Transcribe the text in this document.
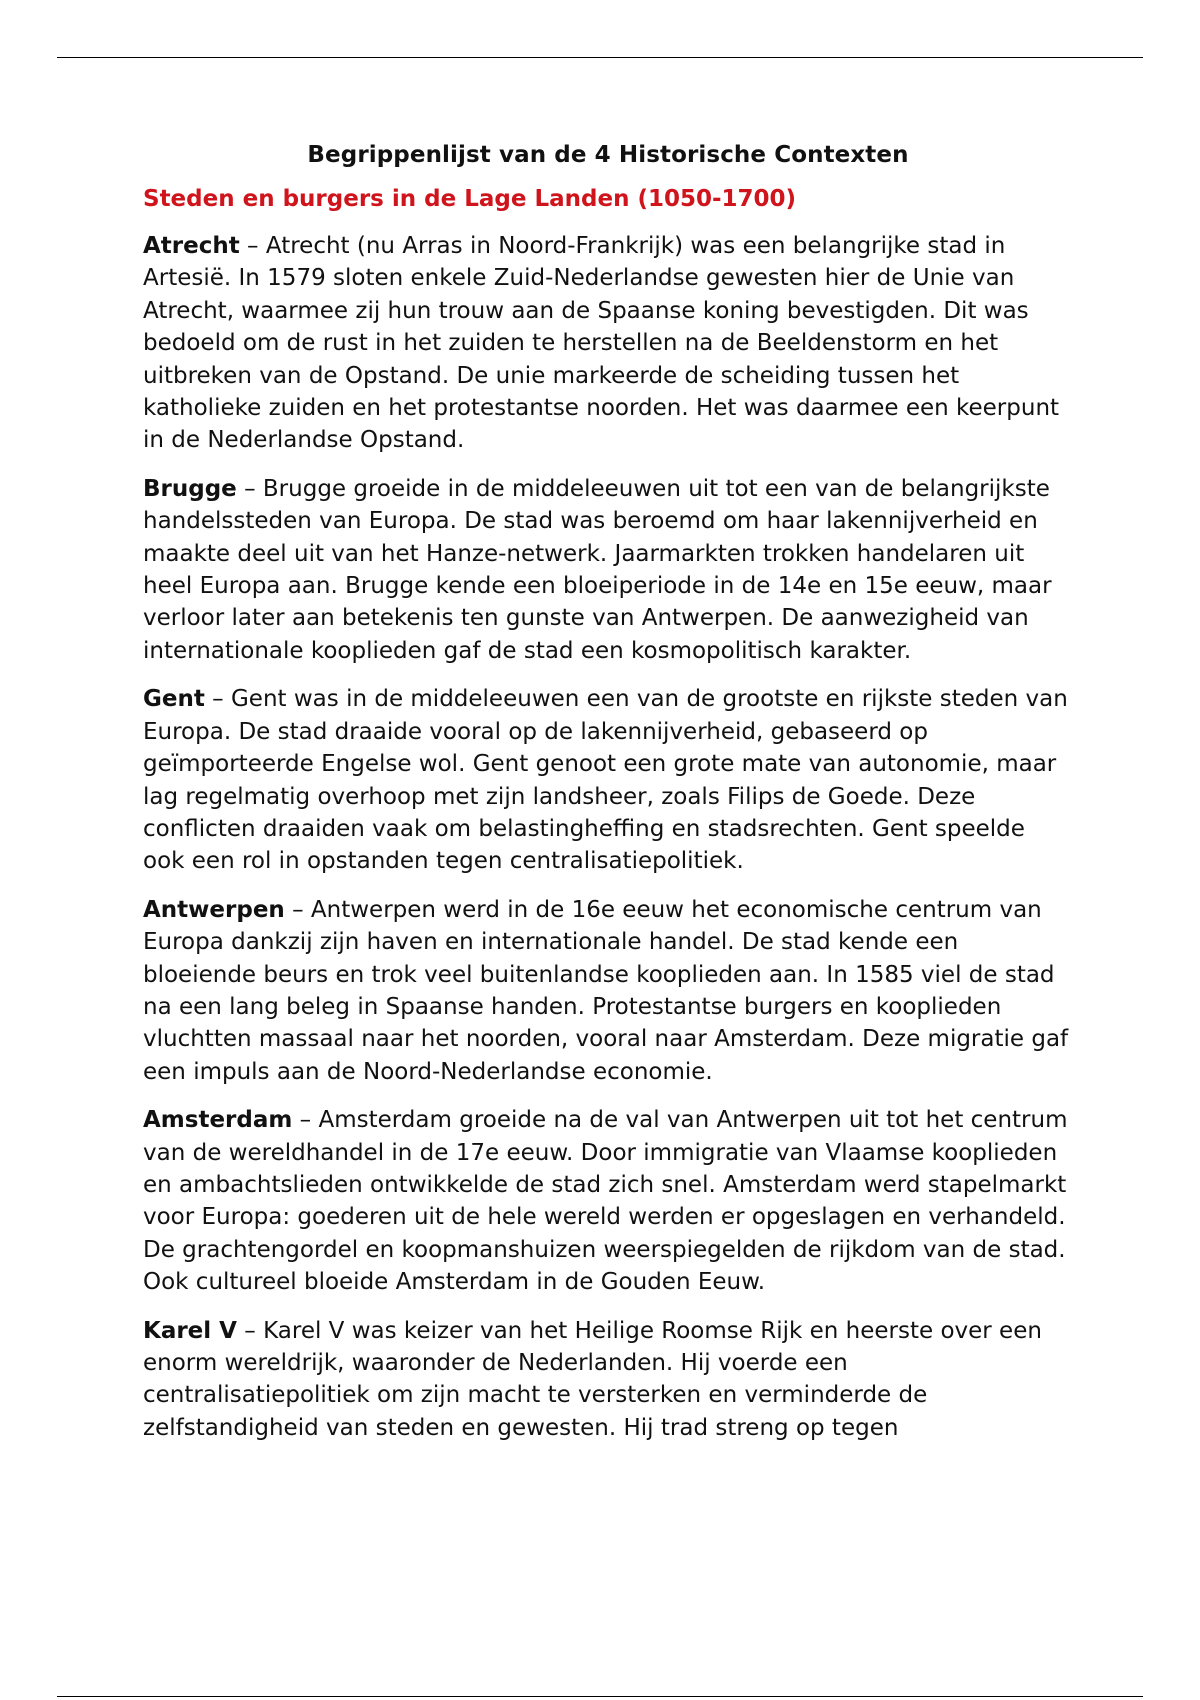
Begrippenlijst van de 4 Historische Contexten
Steden en burgers in de Lage Landen (1050-1700)

Atrecht – Atrecht (nu Arras in Noord-Frankrijk) was een belangrijke stad in Artesië. In 1579 sloten enkele Zuid-Nederlandse gewesten hier de Unie van Atrecht, waarmee zij hun trouw aan de Spaanse koning bevestigden. Dit was bedoeld om de rust in het zuiden te herstellen na de Beeldenstorm en het uitbreken van de Opstand. De unie markeerde de scheiding tussen het katholieke zuiden en het protestantse noorden. Het was daarmee een keerpunt in de Nederlandse Opstand.

Brugge – Brugge groeide in de middeleeuwen uit tot een van de belangrijkste handelssteden van Europa. De stad was beroemd om haar lakennijverheid en maakte deel uit van het Hanze-netwerk. Jaarmarkten trokken handelaren uit heel Europa aan. Brugge kende een bloeiperiode in de 14e en 15e eeuw, maar verloor later aan betekenis ten gunste van Antwerpen. De aanwezigheid van internationale kooplieden gaf de stad een kosmopolitisch karakter.

Gent – Gent was in de middeleeuwen een van de grootste en rijkste steden van Europa. De stad draaide vooral op de lakennijverheid, gebaseerd op geïmporteerde Engelse wol. Gent genoot een grote mate van autonomie, maar lag regelmatig overhoop met zijn landsheer, zoals Filips de Goede. Deze conflicten draaiden vaak om belastingheffing en stadsrechten. Gent speelde ook een rol in opstanden tegen centralisatiepolitiek.

Antwerpen – Antwerpen werd in de 16e eeuw het economische centrum van Europa dankzij zijn haven en internationale handel. De stad kende een bloeiende beurs en trok veel buitenlandse kooplieden aan. In 1585 viel de stad na een lang beleg in Spaanse handen. Protestantse burgers en kooplieden vluchtten massaal naar het noorden, vooral naar Amsterdam. Deze migratie gaf een impuls aan de Noord-Nederlandse economie.

Amsterdam – Amsterdam groeide na de val van Antwerpen uit tot het centrum van de wereldhandel in de 17e eeuw. Door immigratie van Vlaamse kooplieden en ambachtslieden ontwikkelde de stad zich snel. Amsterdam werd stapelmarkt voor Europa: goederen uit de hele wereld werden er opgeslagen en verhandeld. De grachtengordel en koopmanshuizen weerspiegelden de rijkdom van de stad. Ook cultureel bloeide Amsterdam in de Gouden Eeuw.

Karel V – Karel V was keizer van het Heilige Roomse Rijk en heerste over een enorm wereldrijk, waaronder de Nederlanden. Hij voerde een centralisatiepolitiek om zijn macht te versterken en verminderde de zelfstandigheid van steden en gewesten. Hij trad streng op tegen
